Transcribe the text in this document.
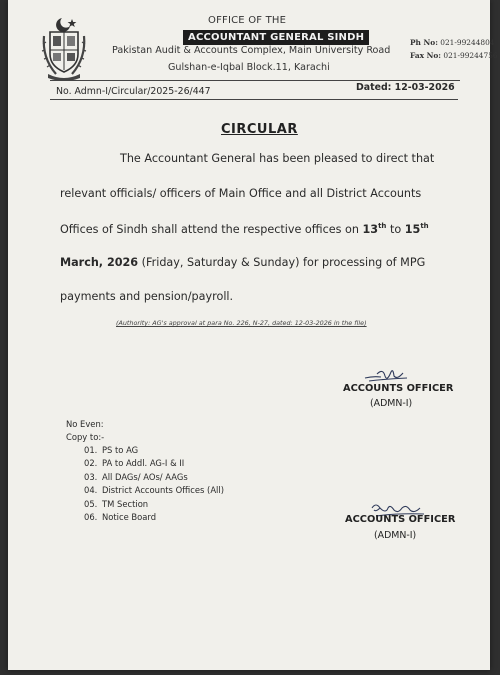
OFFICE OF THE
ACCOUNTANT GENERAL SINDH
Pakistan Audit & Accounts Complex, Main University Road
Gulshan-e-Iqbal Block.11, Karachi
Ph No: 021-99244804
Fax No: 021-99244756
No. Admn-I/Circular/2025-26/447	Dated: 12-03-2026
CIRCULAR
The Accountant General has been pleased to direct that
relevant officials/ officers of Main Office and all District Accounts
Offices of Sindh shall attend the respective offices on 13th to 15th
March, 2026 (Friday, Saturday & Sunday) for processing of MPG
payments and pension/payroll.
(Authority: AG's approval at para No. 226, N-27, dated: 12-03-2026 in the file)
ACCOUNTS OFFICER
(ADMN-I)
No Even:
Copy to:-
01. PS to AG
02. PA to Addl. AG-I & II
03. All DAGs/ AOs/ AAGs
04. District Accounts Offices (All)
05. TM Section
06. Notice Board	ACCOUNTS OFFICER
(ADMN-I)
